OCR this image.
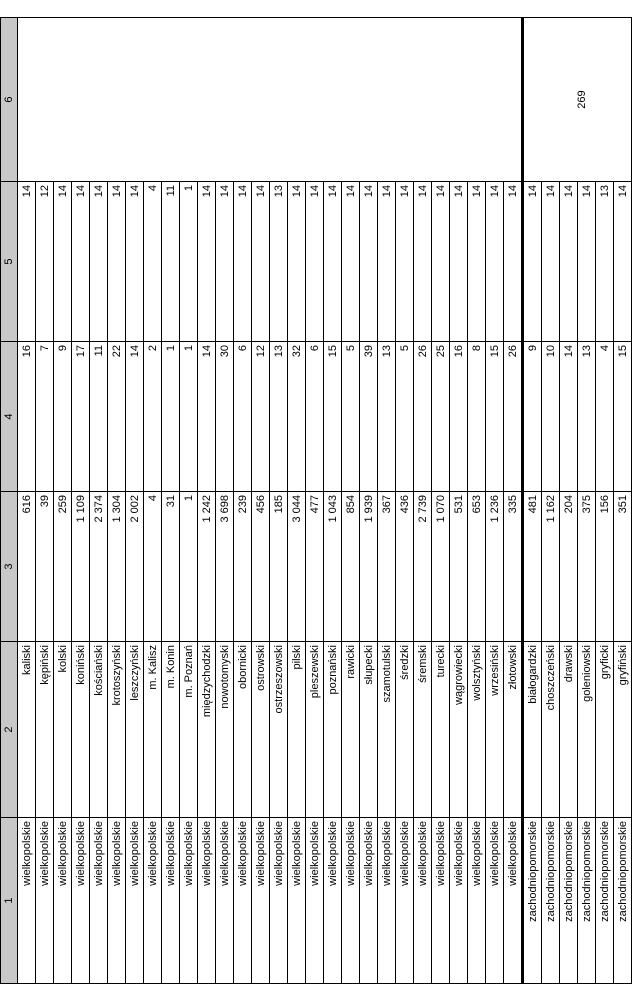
1	2	3	4	5	6
wielkopolskie	kaliski	616	16	14	
wielkopolskie	kępiński	39	7	12	
wielkopolskie	kolski	259	9	14	
wielkopolskie	koniński	1 109	17	14	
wielkopolskie	kościański	2 374	11	14	
wielkopolskie	krotoszyński	1 304	22	14	
wielkopolskie	leszczyński	2 002	14	14	
wielkopolskie	m. Kalisz	4	2	4	
wielkopolskie	m. Konin	31	1	11	
wielkopolskie	m. Poznań	1	1	1	
wielkopolskie	międzychodzki	1 242	14	14	
wielkopolskie	nowotomyski	3 698	30	14	
wielkopolskie	obornicki	239	6	14	
wielkopolskie	ostrowski	456	12	14	
wielkopolskie	ostrzeszowski	185	13	13	
wielkopolskie	pilski	3 044	32	14	
wielkopolskie	pleszewski	477	6	14	
wielkopolskie	poznański	1 043	15	14	
wielkopolskie	rawicki	854	5	14	
wielkopolskie	słupecki	1 939	39	14	
wielkopolskie	szamotulski	367	13	14	
wielkopolskie	średzki	436	5	14	
wielkopolskie	śremski	2 739	26	14	
wielkopolskie	turecki	1 070	25	14	
wielkopolskie	wągrowiecki	531	16	14	
wielkopolskie	wolsztyński	653	8	14	
wielkopolskie	wrzesiński	1 236	15	14	
wielkopolskie	złotowski	335	26	14	
zachodniopomorskie	białogardzki	481	9	14	269
zachodniopomorskie	choszczeński	1 162	10	14	
zachodniopomorskie	drawski	204	14	14	
zachodniopomorskie	goleniowski	375	13	14	
zachodniopomorskie	gryficki	156	4	13	
zachodniopomorskie	gryfiński	351	15	14	
